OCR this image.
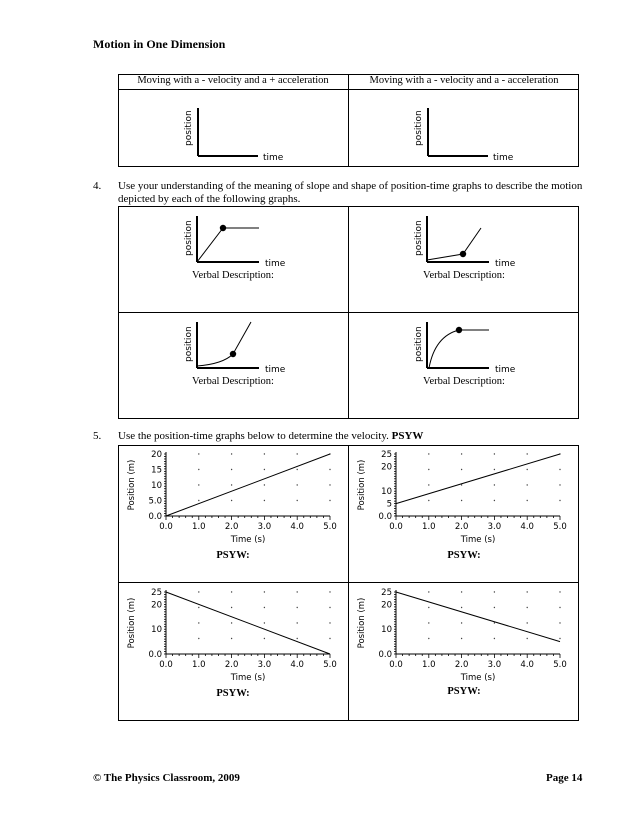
Motion in One Dimension
Moving with a - velocity and a + acceleration	Moving with a - velocity and a - acceleration
position
time
position
time
4. Use your understanding of the meaning of slope and shape of position-time graphs to describe the motion depicted by each of the following graphs.
position
time
Verbal Description:
position
time
Verbal Description:
position
time
Verbal Description:
position
time
Verbal Description:
5. Use the position-time graphs below to determine the velocity. PSYW
0.0 1.0 2.0 3.0 4.0 5.0
0.0
5.0
10
15
20
Time (s)
Position (m)
PSYW:
0.0 1.0 2.0 3.0 4.0 5.0
0.0
5
10
20
25
Time (s)
Position (m)
PSYW:
0.0 1.0 2.0 3.0 4.0 5.0
0.0
10
20
25
Time (s)
Position (m)
PSYW:
0.0 1.0 2.0 3.0 4.0 5.0
0.0
10
20
25
Time (s)
Position (m)
PSYW:
© The Physics Classroom, 2009	Page 14
